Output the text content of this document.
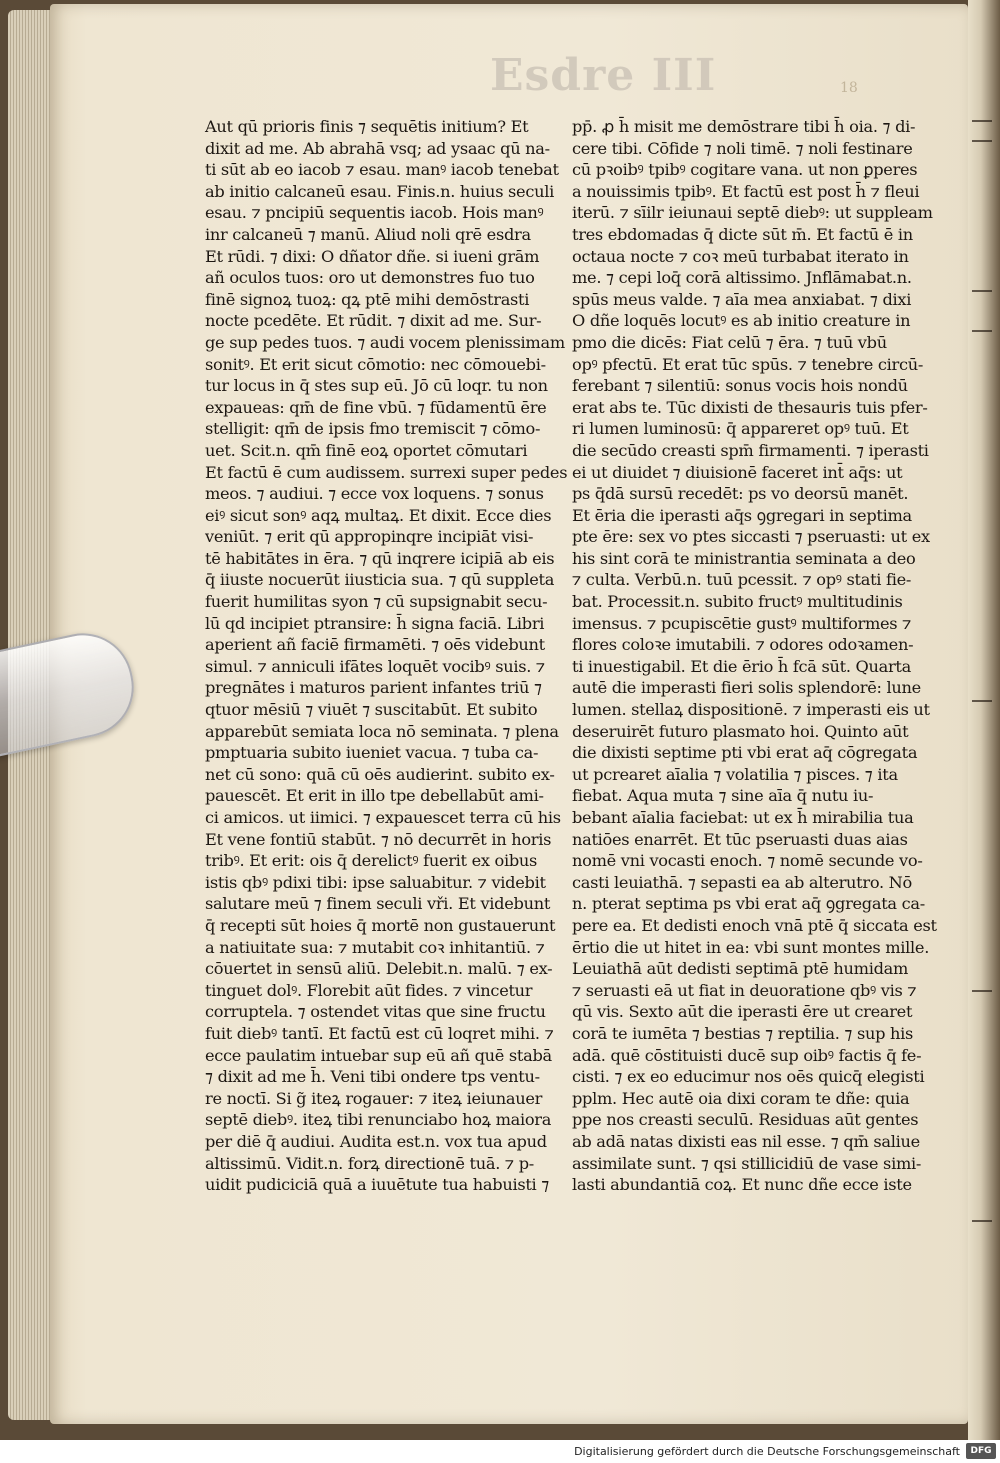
Esdre III	18
Aut qū prioris finis ⁊ sequētis initium? Et
dixit ad me. Ab abrahā vsq; ad ysaac qū na-
ti sūt ab eo iacob ⁊ esau. manꝰ iacob tenebat
ab initio calcaneū esau. Finis.n. huius seculi
esau. ⁊ pncipiū sequentis iacob. Hois manꝰ
inr calcaneū ⁊ manū. Aliud noli qrē esdra
Et rūdi. ⁊ dixi: O dñator dñe. si iueni grām
añ oculos tuos: oro ut demonstres fuo tuo
finē signoꝝ tuoꝝ: qꝝ ptē mihi demōstrasti
nocte pcedēte. Et rūdit. ⁊ dixit ad me. Sur-
ge sup pedes tuos. ⁊ audi vocem plenissimam
sonitꝰ. Et erit sicut cōmotio: nec cōmouebi-
tur locus in q̄ stes sup eū. Jō cū loqr. tu non
expaueas: qm̄ de fine vbū. ⁊ fūdamentū ēre
stelligit: qm̄ de ipsis fmo tremiscit ⁊ cōmo-
uet. Scit.n. qm̄ finē eoꝝ oportet cōmutari
Et factū ē cum audissem. surrexi super pedes
meos. ⁊ audiui. ⁊ ecce vox loquens. ⁊ sonus
eiꝰ sicut sonꝰ aqꝝ multaꝝ. Et dixit. Ecce dies
veniūt. ⁊ erit qū appropinqre incipiāt visi-
tē habitātes in ēra. ⁊ qū inqrere icipiā ab eis
q̄ iiuste nocuerūt iiusticia sua. ⁊ qū suppleta
fuerit humilitas syon ⁊ cū supsignabit secu-
lū qd incipiet ptransire: h̄ signa faciā. Libri
aperient añ faciē firmamēti. ⁊ oēs videbunt
simul. ⁊ anniculi ifātes loquēt vocibꝰ suis. ⁊
pregnātes i maturos parient infantes triū ⁊
qtuor mēsiū ⁊ viuēt ⁊ suscitabūt. Et subito
apparebūt semiata loca nō seminata. ⁊ plena
pmptuaria subito iueniet vacua. ⁊ tuba ca-
net cū sono: quā cū oēs audierint. subito ex-
pauescēt. Et erit in illo tpe debellabūt ami-
ci amicos. ut iimici. ⁊ expauescet terra cū his
Et vene fontiū stabūt. ⁊ nō decurrēt in horis
tribꝰ. Et erit: ois q̄ derelictꝰ fuerit ex oibus
istis qbꝰ pdixi tibi: ipse saluabitur. ⁊ videbit
salutare meū ⁊ finem seculi vři. Et videbunt
q̄ recepti sūt hoies q̄ mortē non gustauerunt
a natiuitate sua: ⁊ mutabit coꝛ inhitantiū. ⁊
cōuertet in sensū aliū. Delebit.n. malū. ⁊ ex-
tinguet dolꝰ. Florebit aūt fides. ⁊ vincetur
corruptela. ⁊ ostendet vitas que sine fructu
fuit diebꝰ tantī. Et factū est cū loqret mihi. ⁊
ecce paulatim intuebar sup eū añ quē stabā
⁊ dixit ad me h̄. Veni tibi ondere tps ventu-
re noctī. Si g̃ iteꝝ rogauer: ⁊ iteꝝ ieiunauer
septē diebꝰ. iteꝝ tibi renunciabo hoꝝ maiora
per diē q̄ audiui. Audita est.n. vox tua apud
altissimū. Vidit.n. forꝝ directionē tuā. ⁊ p-
uidit pudiciciā quā a iuuētute tua habuisti ⁊
pp̄. ꝓ h̄ misit me demōstrare tibi h̄ oia. ⁊ di-
cere tibi. Cōfide ⁊ noli timē. ⁊ noli festinare
cū pꝛoibꝰ tpibꝰ cogitare vana. ut non ꝑperes
a nouissimis tpibꝰ. Et factū est post h̄ ⁊ fleui
iterū. ⁊ sīilr ieiunaui septē diebꝰ: ut suppleam
tres ebdomadas q̄ dicte sūt m̄. Et factū ē in
octaua nocte ⁊ coꝛ meū turbabat iterato in
me. ⁊ cepi loq̄ corā altissimo. Jnflāmabat.n.
spūs meus valde. ⁊ aīa mea anxiabat. ⁊ dixi
O dñe loquēs locutꝰ es ab initio creature in
pmo die dicēs: Fiat celū ⁊ ēra. ⁊ tuū vbū
opꝰ pfectū. Et erat tūc spūs. ⁊ tenebre circū-
ferebant ⁊ silentiū: sonus vocis hois nondū
erat abs te. Tūc dixisti de thesauris tuis pfer-
ri lumen luminosū: q̄ appareret opꝰ tuū. Et
die secūdo creasti spm̄ firmamenti. ⁊ iperasti
ei ut diuidet ⁊ diuisionē faceret int̄ aq̄s: ut
ps q̄dā sursū recedēt: ps vo deorsū manēt.
Et ēria die iperasti aq̄s ꝯgregari in septima
pte ēre: sex vo ptes siccasti ⁊ pseruasti: ut ex
his sint corā te ministrantia seminata a deo
⁊ culta. Verbū.n. tuū pcessit. ⁊ opꝰ stati fie-
bat. Processit.n. subito fructꝰ multitudinis
imensus. ⁊ pcupiscētie gustꝰ multiformes ⁊
flores coloꝛe imutabili. ⁊ odores odoꝛamen-
ti inuestigabil. Et die ērio h̄ fcā sūt. Quarta
autē die imperasti fieri solis splendorē: lune
lumen. stellaꝝ dispositionē. ⁊ imperasti eis ut
deseruirēt futuro plasmato hoi. Quinto aūt
die dixisti septime pti vbi erat aq̄ cōgregata
ut pcrearet aīalia ⁊ volatilia ⁊ pisces. ⁊ ita
fiebat. Aqua muta ⁊ sine aīa q̄ nutu iu-
bebant aīalia faciebat: ut ex h̄ mirabilia tua
natiōes enarrēt. Et tūc pseruasti duas aias
nomē vni vocasti enoch. ⁊ nomē secunde vo-
casti leuiathā. ⁊ sepasti ea ab alterutro. Nō
n. pterat septima ps vbi erat aq̄ ꝯgregata ca-
pere ea. Et dedisti enoch vnā ptē q̄ siccata est
ērtio die ut hitet in ea: vbi sunt montes mille.
Leuiathā aūt dedisti septimā ptē humidam
⁊ seruasti eā ut fiat in deuoratione qbꝰ vis ⁊
qū vis. Sexto aūt die iperasti ēre ut crearet
corā te iumēta ⁊ bestias ⁊ reptilia. ⁊ sup his
adā. quē cōstituisti ducē sup oibꝰ factis q̄ fe-
cisti. ⁊ ex eo educimur nos oēs quicq̄ elegisti
pplm. Hec autē oia dixi coram te dñe: quia
ppe nos creasti seculū. Residuas aūt gentes
ab adā natas dixisti eas nil esse. ⁊ qm̄ saliue
assimilate sunt. ⁊ qsi stillicidiū de vase simi-
lasti abundantiā coꝝ. Et nunc dñe ecce iste
Digitalisierung gefördert durch die Deutsche Forschungsgemeinschaft	DFG
